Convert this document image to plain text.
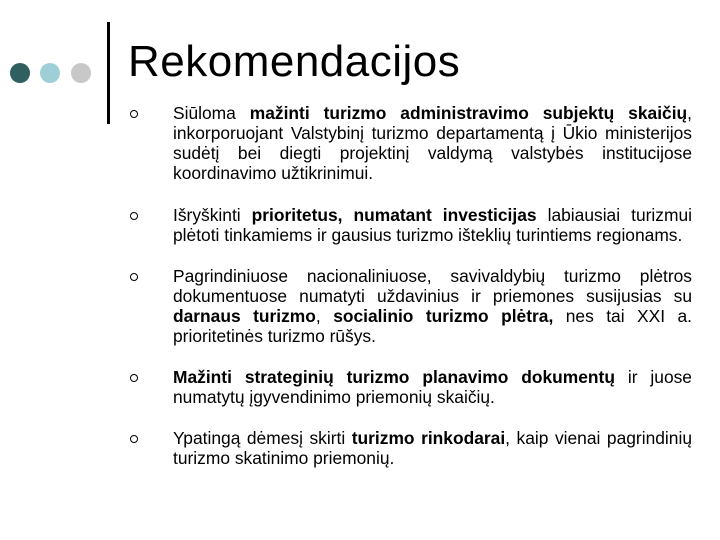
Rekomendacijos
Siūloma mažinti turizmo administravimo subjektų skaičių, inkorporuojant Valstybinį turizmo departamentą į Ūkio ministerijos sudėtį bei diegti projektinį valdymą valstybės institucijose koordinavimo užtikrinimui.
Išryškinti prioritetus, numatant investicijas labiausiai turizmui plėtoti tinkamiems ir gausius turizmo išteklių turintiems regionams.
Pagrindiniuose nacionaliniuose, savivaldybių turizmo plėtros dokumentuose numatyti uždavinius ir priemones susijusias su darnaus turizmo, socialinio turizmo plėtra, nes tai XXI a. prioritetinės turizmo rūšys.
Mažinti strateginių turizmo planavimo dokumentų ir juose numatytų įgyvendinimo priemonių skaičių.
Ypatingą dėmesį skirti turizmo rinkodarai, kaip vienai pagrindinių turizmo skatinimo priemonių.
